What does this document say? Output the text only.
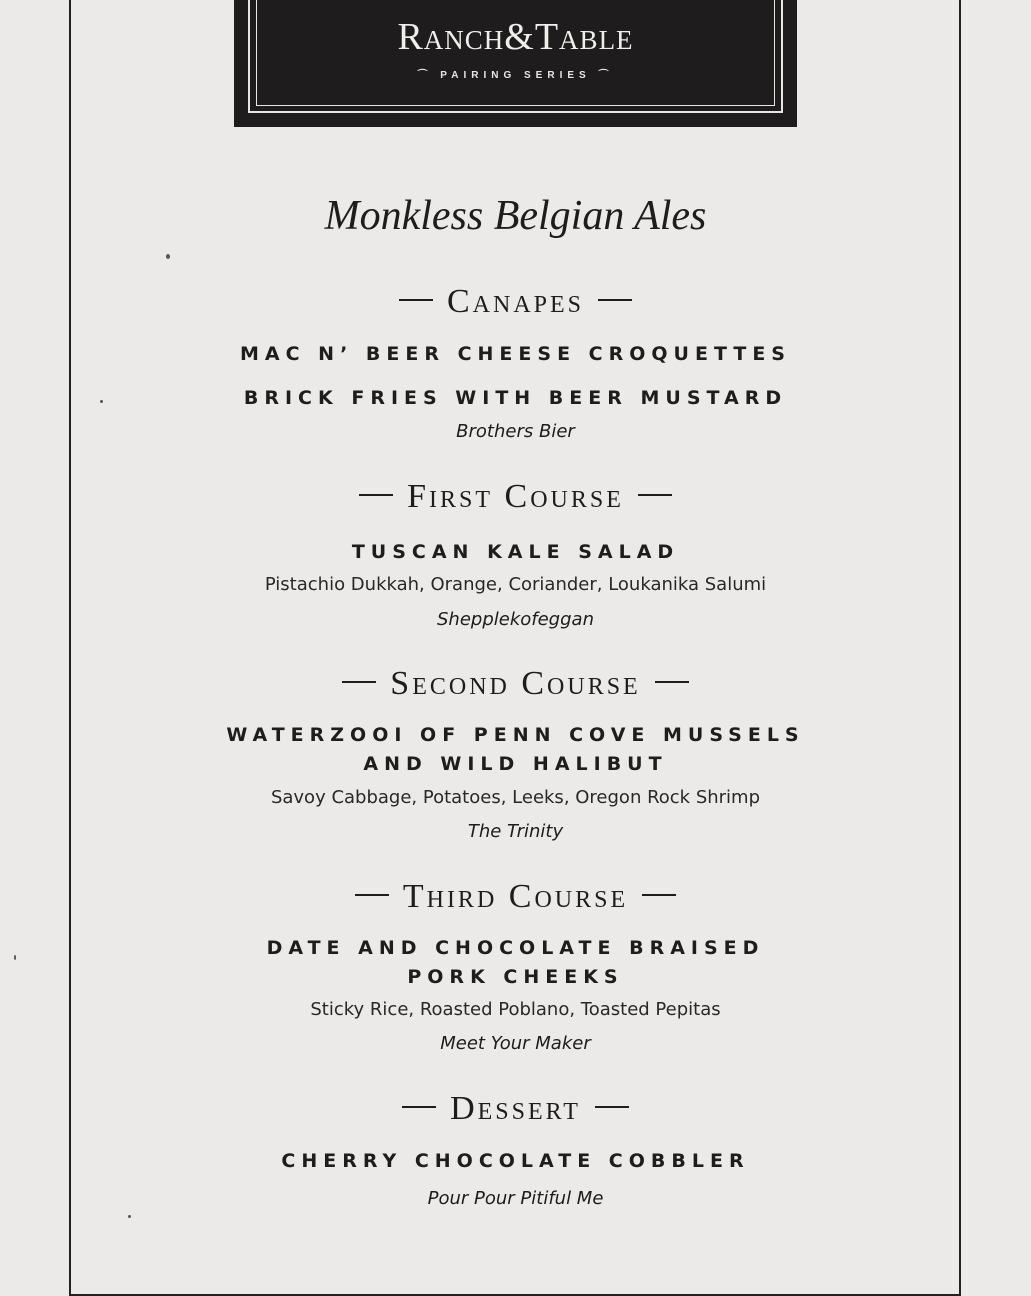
Ranch&Table
⌒ PAIRING SERIES ⌒
Monkless Belgian Ales
Canapes
MAC N’ BEER CHEESE CROQUETTES
BRICK FRIES WITH BEER MUSTARD
Brothers Bier
First Course
TUSCAN KALE SALAD
Pistachio Dukkah, Orange, Coriander, Loukanika Salumi
Shepplekofeggan
Second Course
WATERZOOI OF PENN COVE MUSSELS
AND WILD HALIBUT
Savoy Cabbage, Potatoes, Leeks, Oregon Rock Shrimp
The Trinity
Third Course
DATE AND CHOCOLATE BRAISED
PORK CHEEKS
Sticky Rice, Roasted Poblano, Toasted Pepitas
Meet Your Maker
Dessert
CHERRY CHOCOLATE COBBLER
Pour Pour Pitiful Me
